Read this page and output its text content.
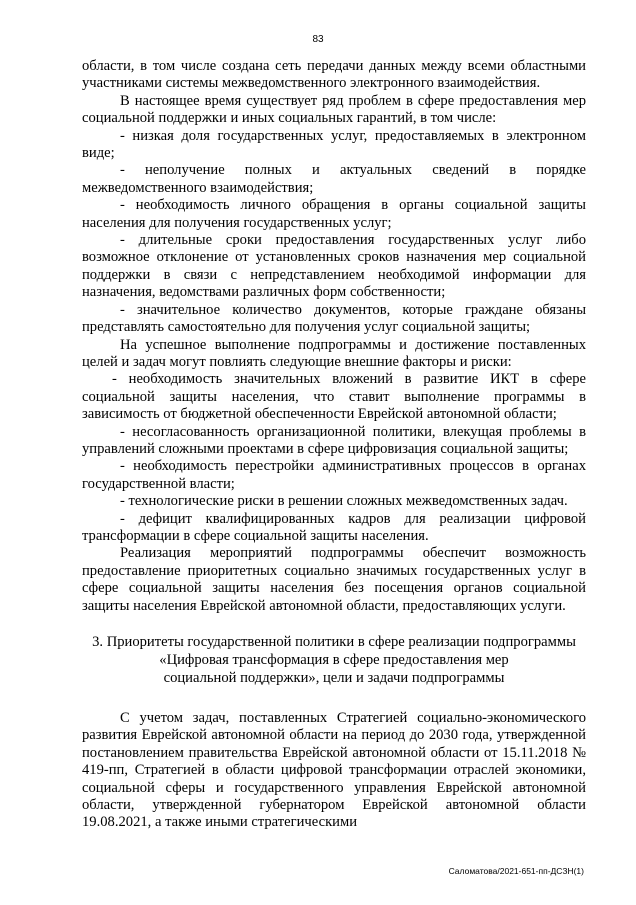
83

области, в том числе создана сеть передачи данных между всеми областными участниками системы межведомственного электронного взаимодействия.

В настоящее время существует ряд проблем в сфере предоставления мер социальной поддержки и иных социальных гарантий, в том числе:

- низкая доля государственных услуг, предоставляемых в электронном виде;

- неполучение полных и актуальных сведений в порядке межведомственного взаимодействия;

- необходимость личного обращения в органы социальной защиты населения для получения государственных услуг;

- длительные сроки предоставления государственных услуг либо возможное отклонение от установленных сроков назначения мер социальной поддержки в связи с непредставлением необходимой информации для назначения, ведомствами различных форм собственности;

- значительное количество документов, которые граждане обязаны представлять самостоятельно для получения услуг социальной защиты;

На успешное выполнение подпрограммы и достижение поставленных целей и задач могут повлиять следующие внешние факторы и риски:

- необходимость значительных вложений в развитие ИКТ в сфере социальной защиты населения, что ставит выполнение программы в зависимость от бюджетной обеспеченности Еврейской автономной области;

- несогласованность организационной политики, влекущая проблемы в управлений сложными проектами в сфере цифровизация социальной защиты;

- необходимость перестройки административных процессов в органах государственной власти;

- технологические риски в решении сложных межведомственных задач.

- дефицит квалифицированных кадров для реализации цифровой трансформации в сфере социальной защиты населения.

Реализация мероприятий подпрограммы обеспечит возможность предоставление приоритетных социально значимых государственных услуг в сфере социальной защиты населения без посещения органов социальной защиты населения Еврейской автономной области, предоставляющих услуги.

3. Приоритеты государственной политики в сфере реализации подпрограммы
«Цифровая трансформация в сфере предоставления мер
социальной поддержки», цели и задачи подпрограммы

С учетом задач, поставленных Стратегией социально-экономического развития Еврейской автономной области на период до 2030 года, утвержденной постановлением правительства Еврейской автономной области от 15.11.2018 № 419-пп, Стратегией в области цифровой трансформации отраслей экономики, социальной сферы и государственного управления Еврейской автономной области, утвержденной губернатором Еврейской автономной области 19.08.2021, а также иными стратегическими

Саломатова/2021-651-пп-ДСЗН(1)
